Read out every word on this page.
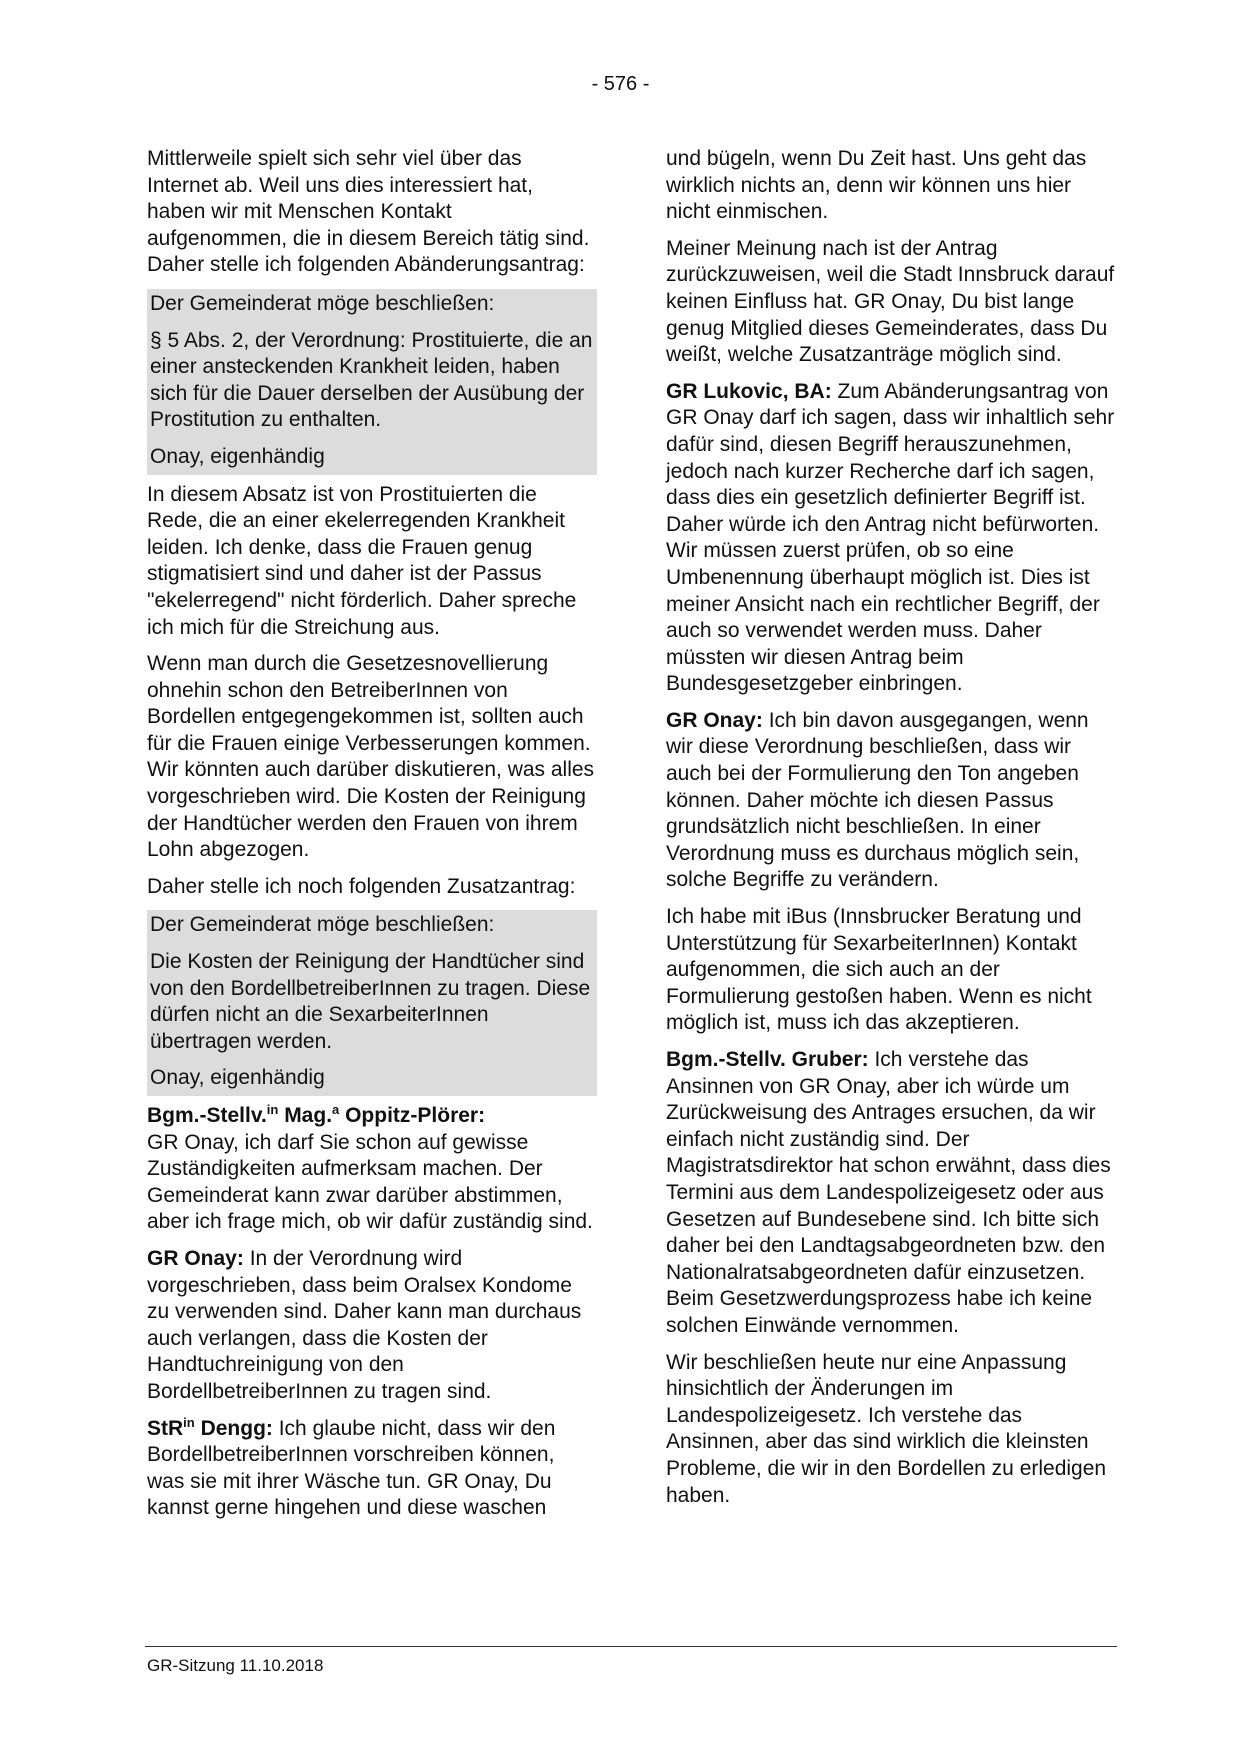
- 576 -
Mittlerweile spielt sich sehr viel über das Internet ab. Weil uns dies interessiert hat, haben wir mit Menschen Kontakt aufgenommen, die in diesem Bereich tätig sind. Daher stelle ich folgenden Abänderungsantrag:
Der Gemeinderat möge beschließen:
§ 5 Abs. 2, der Verordnung: Prostituierte, die an einer ansteckenden Krankheit leiden, haben sich für die Dauer derselben der Ausübung der Prostitution zu enthalten.
Onay, eigenhändig
In diesem Absatz ist von Prostituierten die Rede, die an einer ekelerregenden Krankheit leiden. Ich denke, dass die Frauen genug stigmatisiert sind und daher ist der Passus "ekelerregend" nicht förderlich. Daher spreche ich mich für die Streichung aus.
Wenn man durch die Gesetzesnovellierung ohnehin schon den BetreiberInnen von Bordellen entgegengekommen ist, sollten auch für die Frauen einige Verbesserungen kommen. Wir könnten auch darüber diskutieren, was alles vorgeschrieben wird. Die Kosten der Reinigung der Handtücher werden den Frauen von ihrem Lohn abgezogen.
Daher stelle ich noch folgenden Zusatzantrag:
Der Gemeinderat möge beschließen:
Die Kosten der Reinigung der Handtücher sind von den BordellbetreiberInnen zu tragen. Diese dürfen nicht an die SexarbeiterInnen übertragen werden.
Onay, eigenhändig
Bgm.-Stellv.$^{in}$ Mag.$^a$ Oppitz-Plörer:
GR Onay, ich darf Sie schon auf gewisse Zuständigkeiten aufmerksam machen. Der Gemeinderat kann zwar darüber abstimmen, aber ich frage mich, ob wir dafür zuständig sind.
GR Onay: In der Verordnung wird vorgeschrieben, dass beim Oralsex Kondome zu verwenden sind. Daher kann man durchaus auch verlangen, dass die Kosten der Handtuchreinigung von den BordellbetreiberInnen zu tragen sind.
StR$^{in}$ Dengg: Ich glaube nicht, dass wir den BordellbetreiberInnen vorschreiben können, was sie mit ihrer Wäsche tun. GR Onay, Du kannst gerne hingehen und diese waschen
und bügeln, wenn Du Zeit hast. Uns geht das wirklich nichts an, denn wir können uns hier nicht einmischen.
Meiner Meinung nach ist der Antrag zurückzuweisen, weil die Stadt Innsbruck darauf keinen Einfluss hat. GR Onay, Du bist lange genug Mitglied dieses Gemeinderates, dass Du weißt, welche Zusatzanträge möglich sind.
GR Lukovic, BA: Zum Abänderungsantrag von GR Onay darf ich sagen, dass wir inhaltlich sehr dafür sind, diesen Begriff herauszunehmen, jedoch nach kurzer Recherche darf ich sagen, dass dies ein gesetzlich definierter Begriff ist. Daher würde ich den Antrag nicht befürworten. Wir müssen zuerst prüfen, ob so eine Umbenennung überhaupt möglich ist. Dies ist meiner Ansicht nach ein rechtlicher Begriff, der auch so verwendet werden muss. Daher müssten wir diesen Antrag beim Bundesgesetzgeber einbringen.
GR Onay: Ich bin davon ausgegangen, wenn wir diese Verordnung beschließen, dass wir auch bei der Formulierung den Ton angeben können. Daher möchte ich diesen Passus grundsätzlich nicht beschließen. In einer Verordnung muss es durchaus möglich sein, solche Begriffe zu verändern.
Ich habe mit iBus (Innsbrucker Beratung und Unterstützung für SexarbeiterInnen) Kontakt aufgenommen, die sich auch an der Formulierung gestoßen haben. Wenn es nicht möglich ist, muss ich das akzeptieren.
Bgm.-Stellv. Gruber: Ich verstehe das Ansinnen von GR Onay, aber ich würde um Zurückweisung des Antrages ersuchen, da wir einfach nicht zuständig sind. Der Magistratsdirektor hat schon erwähnt, dass dies Termini aus dem Landespolizeigesetz oder aus Gesetzen auf Bundesebene sind. Ich bitte sich daher bei den Landtagsabgeordneten bzw. den Nationalratsabgeordneten dafür einzusetzen. Beim Gesetzwerdungsprozess habe ich keine solchen Einwände vernommen.
Wir beschließen heute nur eine Anpassung hinsichtlich der Änderungen im Landespolizeigesetz. Ich verstehe das Ansinnen, aber das sind wirklich die kleinsten Probleme, die wir in den Bordellen zu erledigen haben.
GR-Sitzung 11.10.2018
